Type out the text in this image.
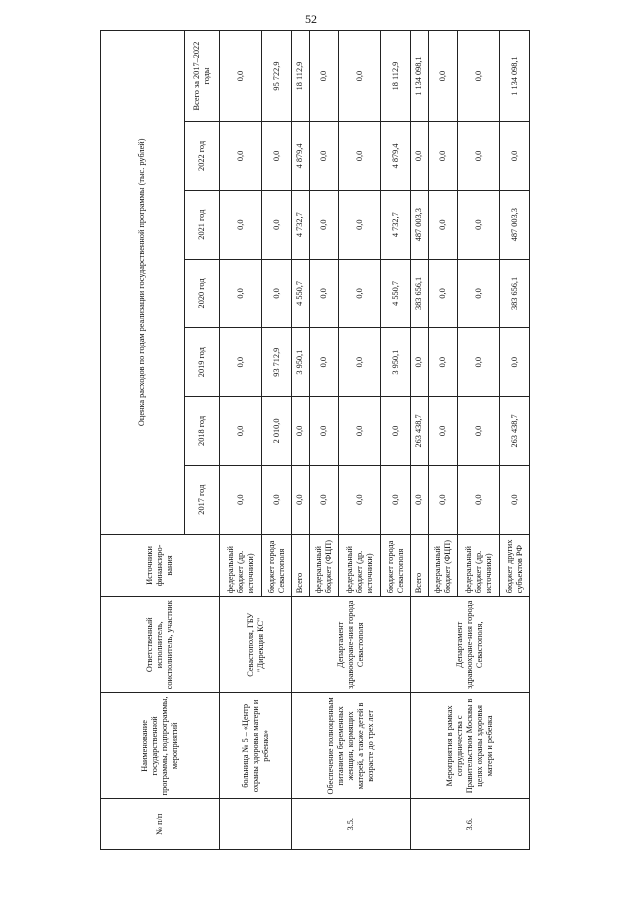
52
№ п/п	Наименование государственной программы, подпрограммы, мероприятий	Ответственный исполнитель, соисполнитель, участник	Источники финансиро-вания	Оценка расходов по годам реализации государственной программы (тыс. рублей)						
				2017 год	2018 год	2019 год	2020 год	2021 год	2022 год	Всего за 2017–2022 годы
	больница № 5 – «Центр охраны здоровья матери и ребенка»	Севастополя, ГБУ "Дирекция КС"	федеральный бюджет (др. источники)	0,0	0,0	0,0	0,0	0,0	0,0	0,0
			бюджет города Севастополя	0,0	2 010,0	93 712,9	0,0	0,0	0,0	95 722,9
3.5.	Обеспечение полноценным питанием беременных женщин, кормящих матерей, а также детей в возрасте до трех лет	Департамент здравоохране-ния города Севастополя	Всего	0,0	0,0	3 950,1	4 550,7	4 732,7	4 879,4	18 112,9
			федеральный бюджет (ФЦП)	0,0	0,0	0,0	0,0	0,0	0,0	0,0
			федеральный бюджет (др. источники)	0,0	0,0	0,0	0,0	0,0	0,0	0,0
			бюджет города Севастополя	0,0	0,0	3 950,1	4 550,7	4 732,7	4 879,4	18 112,9
3.6.	Мероприятия в рамках сотрудничества с Правительством Москвы в целях охраны здоровья матери и ребенка	Департамент здравоохране-ния города Севастополя,	Всего	0,0	263 438,7	0,0	383 656,1	487 003,3	0,0	1 134 098,1
			федеральный бюджет (ФЦП)	0,0	0,0	0,0	0,0	0,0	0,0	0,0
			федеральный бюджет (др. источники)	0,0	0,0	0,0	0,0	0,0	0,0	0,0
			бюджет других субъектов РФ	0,0	263 438,7	0,0	383 656,1	487 003,3	0,0	1 134 098,1
